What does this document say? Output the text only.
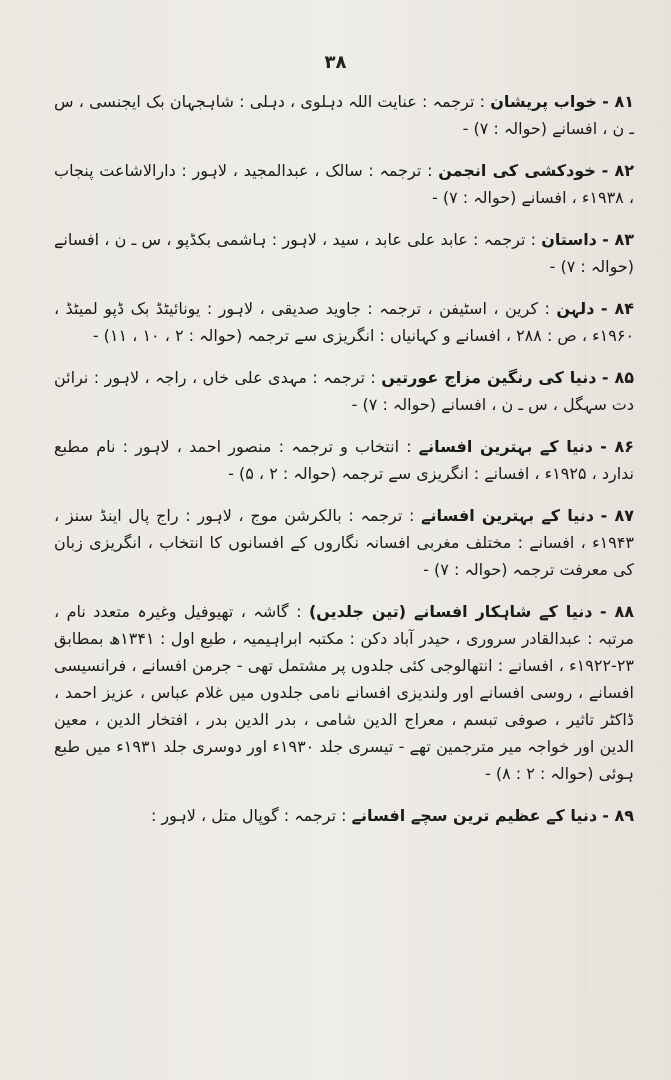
۳۸

۸۱ - خواب پریشان : ترجمہ : عنایت اللہ دہلوی ، دہلی : شاہجہان بک ایجنسی ، س ـ ن ، افسانے (حوالہ : ۷) -

۸۲ - خودکشی کی انجمن : ترجمہ : سالک ، عبدالمجید ، لاہور : دارالاشاعت پنجاب ، ۱۹۳۸ء ، افسانے (حوالہ : ۷) -

۸۳ - داستان : ترجمہ : عابد علی عابد ، سید ، لاہور : ہاشمی بکڈپو ، س ـ ن ، افسانے (حوالہ : ۷) -

۸۴ - دلہن : کرین ، اسٹیفن ، ترجمہ : جاوید صدیقی ، لاہور : یونائیٹڈ بک ڈپو لمیٹڈ ، ۱۹۶۰ء ، ص : ۲۸۸ ، افسانے و کہانیاں : انگریزی سے ترجمہ (حوالہ : ۲ ، ۱۰ ، ۱۱) -

۸۵ - دنیا کی رنگین مزاج عورتیں : ترجمہ : مہدی علی خاں ، راجہ ، لاہور : نرائن دت سہگل ، س ـ ن ، افسانے (حوالہ : ۷) -

۸۶ - دنیا کے بہترین افسانے : انتخاب و ترجمہ : منصور احمد ، لاہور : نام مطبع ندارد ، ۱۹۲۵ء ، افسانے : انگریزی سے ترجمہ (حوالہ : ۲ ، ۵) -

۸۷ - دنیا کے بہترین افسانے : ترجمہ : بالکرشن موج ، لاہور : راج پال اینڈ سنز ، ۱۹۴۳ء ، افسانے : مختلف مغربی افسانہ نگاروں کے افسانوں کا انتخاب ، انگریزی زبان کی معرفت ترجمہ (حوالہ : ۷) -

۸۸ - دنیا کے شاہکار افسانے (تین جلدیں) : گاشہ ، تھیوفیل وغیرہ متعدد نام ، مرتبہ : عبدالقادر سروری ، حیدر آباد دکن : مکتبہ ابراہیمیہ ، طبع اول : ۱۳۴۱ھ بمطابق ۲۳-۱۹۲۲ء ، افسانے : انتھالوجی کئی جلدوں پر مشتمل تھی - جرمن افسانے ، فرانسیسی افسانے ، روسی افسانے اور ولندیزی افسانے نامی جلدوں میں غلام عباس ، عزیز احمد ، ڈاکٹر تاثیر ، صوفی تبسم ، معراج الدین شامی ، بدر الدین بدر ، افتخار الدین ، معین الدین اور خواجہ میر مترجمین تھے - تیسری جلد ۱۹۳۰ء اور دوسری جلد ۱۹۳۱ء میں طبع ہوئی (حوالہ : ۲ : ۸) -

۸۹ - دنیا کے عظیم ترین سچے افسانے : ترجمہ : گوپال متل ، لاہور :
